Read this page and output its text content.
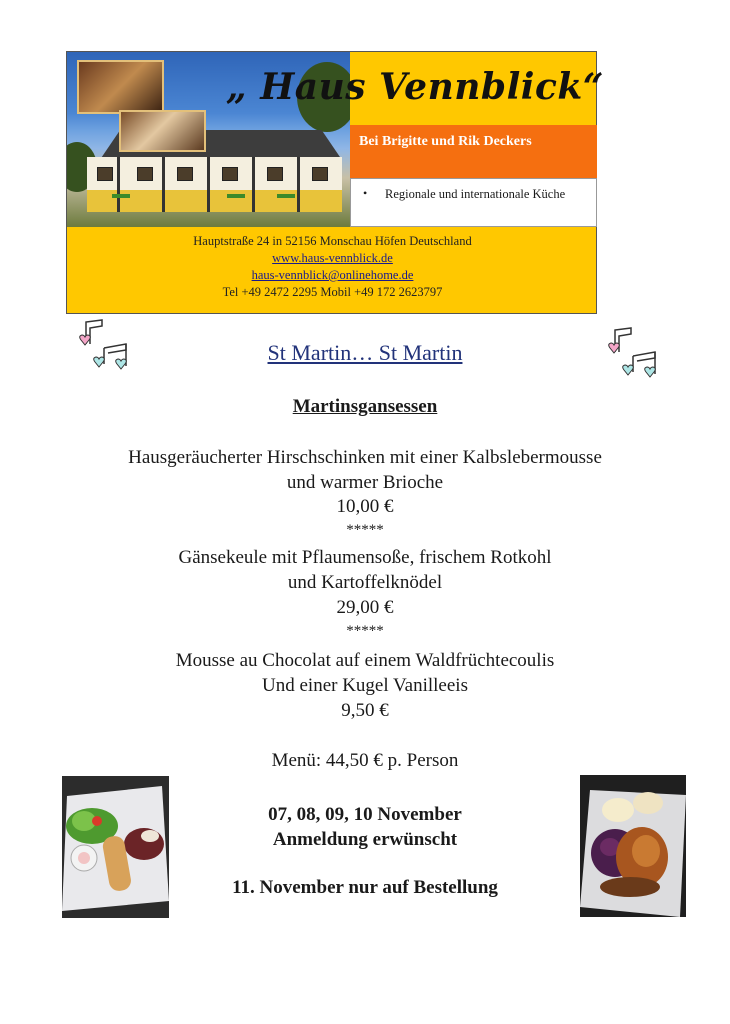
„ Haus Vennblick“
Bei Brigitte und Rik Deckers
• Regionale und internationale Küche
Hauptstraße 24 in 52156 Monschau Höfen Deutschland
www.haus-vennblick.de
haus-vennblick@onlinehome.de
Tel +49 2472 2295 Mobil +49 172 2623797
St Martin… St Martin
Martinsgansessen
Hausgeräucherter Hirschschinken mit einer Kalbslebermousse
und warmer Brioche
10,00 €
*****
Gänsekeule mit Pflaumensoße, frischem Rotkohl
und Kartoffelknödel
29,00 €
*****
Mousse au Chocolat auf einem Waldfrüchtecoulis
Und einer Kugel Vanilleeis
9,50 €
Menü: 44,50 € p. Person
07, 08, 09, 10 November
Anmeldung erwünscht
11. November nur auf Bestellung
